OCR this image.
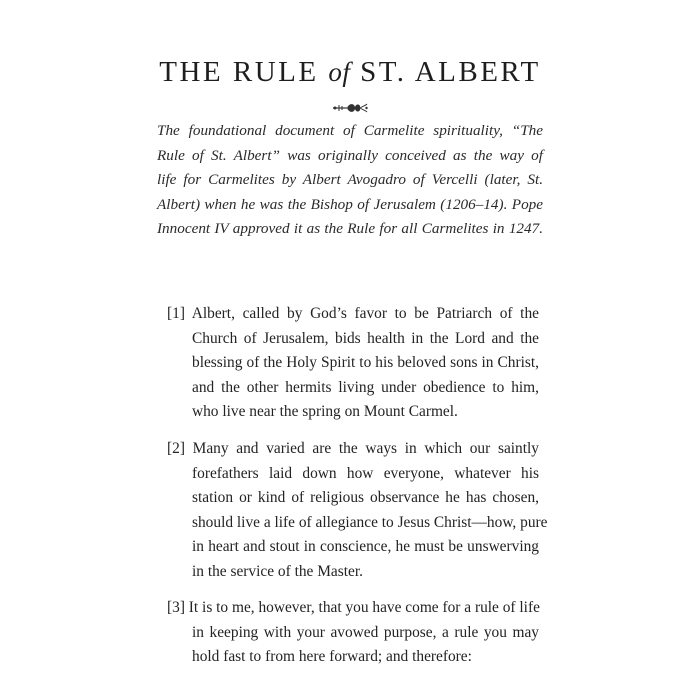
THE RULE of ST. ALBERT
The foundational document of Carmelite spirituality, “The
Rule of St. Albert” was originally conceived as the way of
life for Carmelites by Albert Avogadro of Vercelli (later, St.
Albert) when he was the Bishop of Jerusalem (1206–14). Pope
Innocent IV approved it as the Rule for all Carmelites in 1247.
[1] Albert, called by God’s favor to be Patriarch of the
Church of Jerusalem, bids health in the Lord and the
blessing of the Holy Spirit to his beloved sons in Christ,
and the other hermits living under obedience to him,
who live near the spring on Mount Carmel.
[2] Many and varied are the ways in which our saintly
forefathers laid down how everyone, whatever his
station or kind of religious observance he has chosen,
should live a life of allegiance to Jesus Christ—how, pure
in heart and stout in conscience, he must be unswerving
in the service of the Master.
[3] It is to me, however, that you have come for a rule of life
in keeping with your avowed purpose, a rule you may
hold fast to from here forward; and therefore:
